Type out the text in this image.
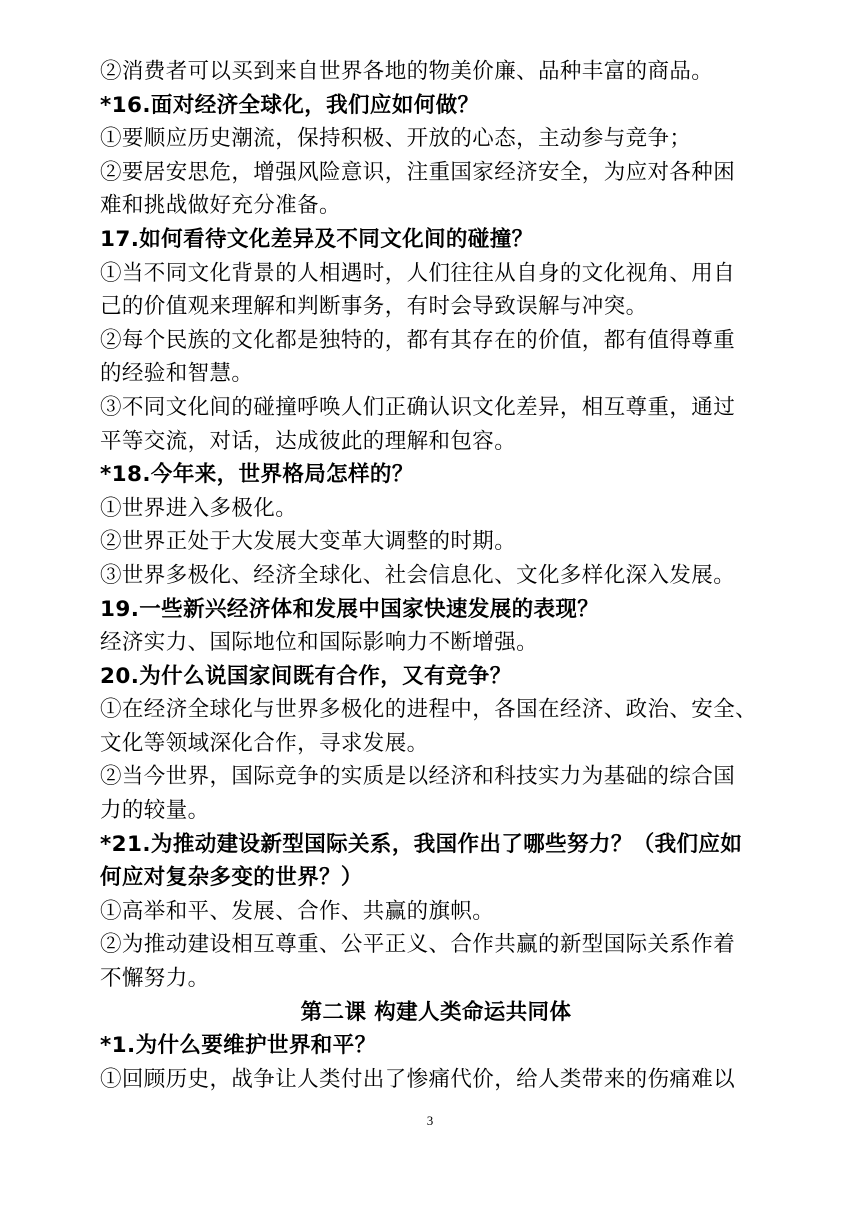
②消费者可以买到来自世界各地的物美价廉、品种丰富的商品。
*16.面对经济全球化，我们应如何做？
①要顺应历史潮流，保持积极、开放的心态，主动参与竞争；
②要居安思危，增强风险意识，注重国家经济安全，为应对各种困
难和挑战做好充分准备。
17.如何看待文化差异及不同文化间的碰撞？
①当不同文化背景的人相遇时，人们往往从自身的文化视角、用自
己的价值观来理解和判断事务，有时会导致误解与冲突。
②每个民族的文化都是独特的，都有其存在的价值，都有值得尊重
的经验和智慧。
③不同文化间的碰撞呼唤人们正确认识文化差异，相互尊重，通过
平等交流，对话，达成彼此的理解和包容。
*18.今年来，世界格局怎样的？
①世界进入多极化。
②世界正处于大发展大变革大调整的时期。
③世界多极化、经济全球化、社会信息化、文化多样化深入发展。
19.一些新兴经济体和发展中国家快速发展的表现？
经济实力、国际地位和国际影响力不断增强。
20.为什么说国家间既有合作，又有竞争？
①在经济全球化与世界多极化的进程中，各国在经济、政治、安全、
文化等领域深化合作，寻求发展。
②当今世界，国际竞争的实质是以经济和科技实力为基础的综合国
力的较量。
*21.为推动建设新型国际关系，我国作出了哪些努力？（我们应如
何应对复杂多变的世界？）
①高举和平、发展、合作、共赢的旗帜。
②为推动建设相互尊重、公平正义、合作共赢的新型国际关系作着
不懈努力。
第二课 构建人类命运共同体
*1.为什么要维护世界和平？
①回顾历史，战争让人类付出了惨痛代价，给人类带来的伤痛难以
3
